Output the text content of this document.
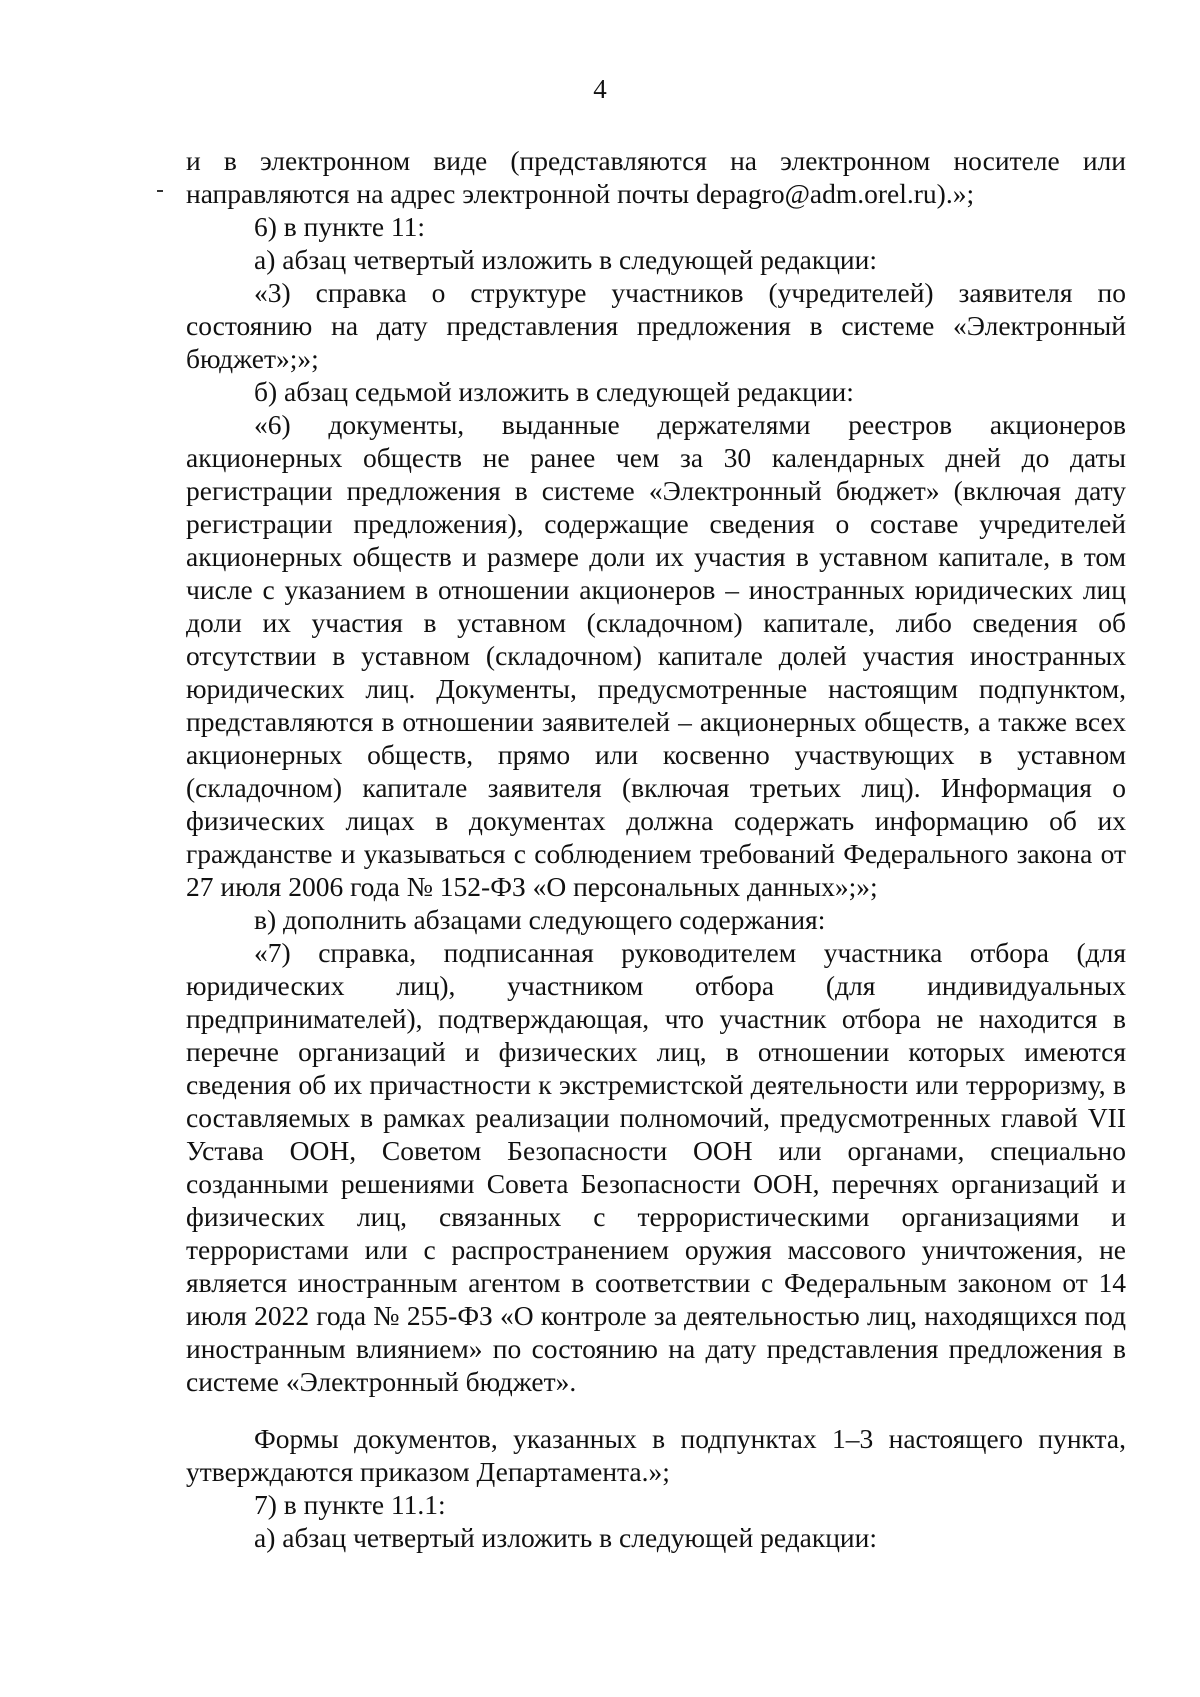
4

и в электронном виде (представляются на электронном носителе или направляются на адрес электронной почты depagro@adm.orel.ru).»;

6) в пункте 11:

а) абзац четвертый изложить в следующей редакции:

«3) справка о структуре участников (учредителей) заявителя по состоянию на дату представления предложения в системе «Электронный бюджет»;»;

б) абзац седьмой изложить в следующей редакции:

«6) документы, выданные держателями реестров акционеров акционерных обществ не ранее чем за 30 календарных дней до даты регистрации предложения в системе «Электронный бюджет» (включая дату регистрации предложения), содержащие сведения о составе учредителей акционерных обществ и размере доли их участия в уставном капитале, в том числе с указанием в отношении акционеров – иностранных юридических лиц доли их участия в уставном (складочном) капитале, либо сведения об отсутствии в уставном (складочном) капитале долей участия иностранных юридических лиц. Документы, предусмотренные настоящим подпунктом, представляются в отношении заявителей – акционерных обществ, а также всех акционерных обществ, прямо или косвенно участвующих в уставном (складочном) капитале заявителя (включая третьих лиц). Информация о физических лицах в документах должна содержать информацию об их гражданстве и указываться с соблюдением требований Федерального закона от 27 июля 2006 года № 152-ФЗ «О персональных данных»;»;

в) дополнить абзацами следующего содержания:

«7) справка, подписанная руководителем участника отбора (для юридических лиц), участником отбора (для индивидуальных предпринимателей), подтверждающая, что участник отбора не находится в перечне организаций и физических лиц, в отношении которых имеются сведения об их причастности к экстремистской деятельности или терроризму, в составляемых в рамках реализации полномочий, предусмотренных главой VII Устава ООН, Советом Безопасности ООН или органами, специально созданными решениями Совета Безопасности ООН, перечнях организаций и физических лиц, связанных с террористическими организациями и террористами или с распространением оружия массового уничтожения, не является иностранным агентом в соответствии с Федеральным законом от 14 июля 2022 года № 255-ФЗ «О контроле за деятельностью лиц, находящихся под иностранным влиянием» по состоянию на дату представления предложения в системе «Электронный бюджет».

Формы документов, указанных в подпунктах 1–3 настоящего пункта, утверждаются приказом Департамента.»;

7) в пункте 11.1:

а) абзац четвертый изложить в следующей редакции:
